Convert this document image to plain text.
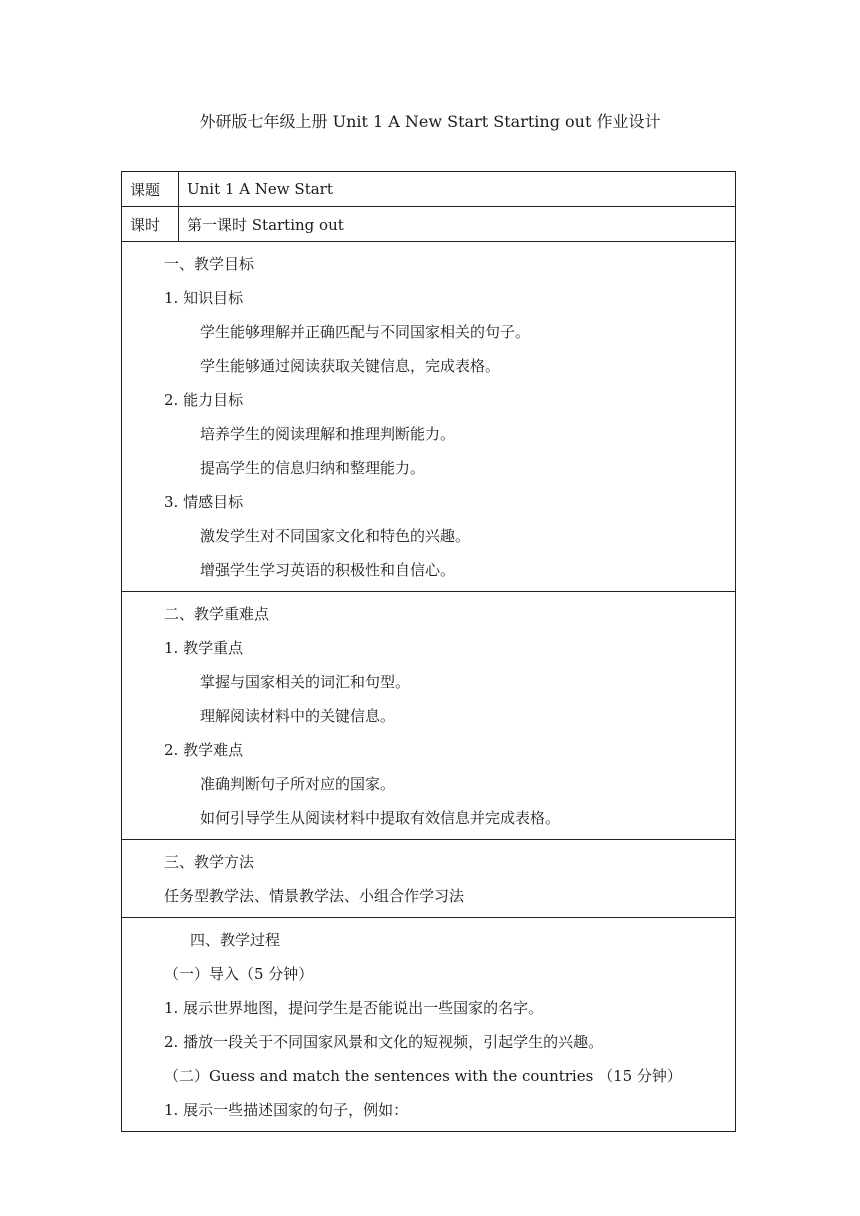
外研版七年级上册 Unit 1 A New Start Starting out 作业设计
课题	Unit 1 A New Start
课时	第一课时 Starting out
一、教学目标
1. 知识目标
学生能够理解并正确匹配与不同国家相关的句子。
学生能够通过阅读获取关键信息，完成表格。
2. 能力目标
培养学生的阅读理解和推理判断能力。
提高学生的信息归纳和整理能力。
3. 情感目标
激发学生对不同国家文化和特色的兴趣。
增强学生学习英语的积极性和自信心。
二、教学重难点
1. 教学重点
掌握与国家相关的词汇和句型。
理解阅读材料中的关键信息。
2. 教学难点
准确判断句子所对应的国家。
如何引导学生从阅读材料中提取有效信息并完成表格。
三、教学方法
任务型教学法、情景教学法、小组合作学习法
四、教学过程
（一）导入（5 分钟）
1. 展示世界地图，提问学生是否能说出一些国家的名字。
2. 播放一段关于不同国家风景和文化的短视频，引起学生的兴趣。
（二）Guess and match the sentences with the countries （15 分钟）
1. 展示一些描述国家的句子，例如：
